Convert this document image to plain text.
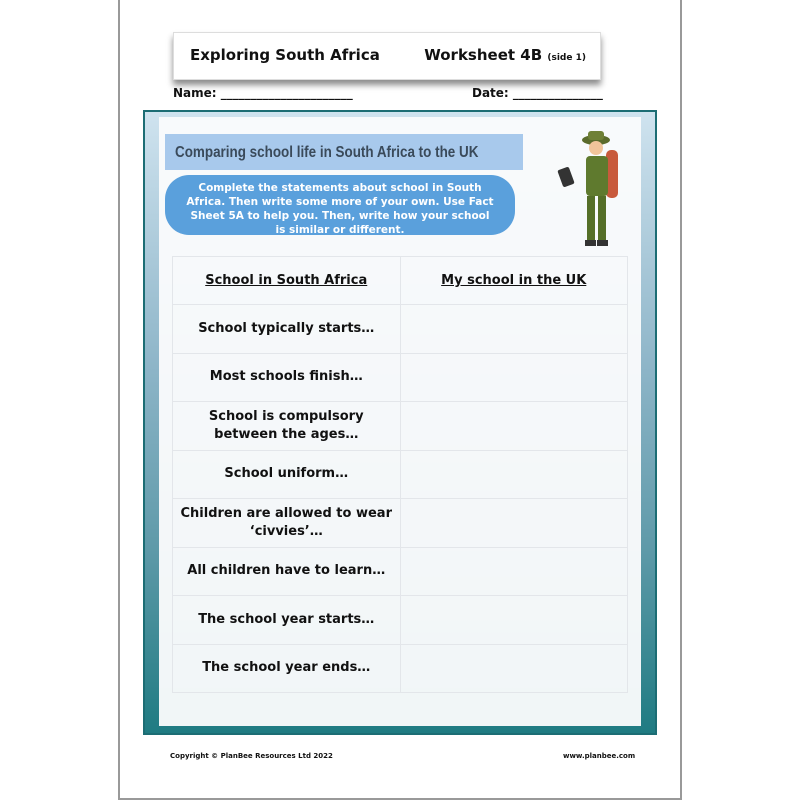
Exploring South Africa	Worksheet 4B (side 1)
Name: ______________________	Date: _______________
Comparing school life in South Africa to the UK
Complete the statements about school in South Africa. Then write some more of your own. Use Fact Sheet 5A to help you. Then, write how your school is similar or different.
School in South Africa	My school in the UK
School typically starts…	
Most schools finish…	
School is compulsory between the ages…	
School uniform…	
Children are allowed to wear ‘civvies’…	
All children have to learn…	
The school year starts…	
The school year ends…	
Copyright © PlanBee Resources Ltd 2022	www.planbee.com
